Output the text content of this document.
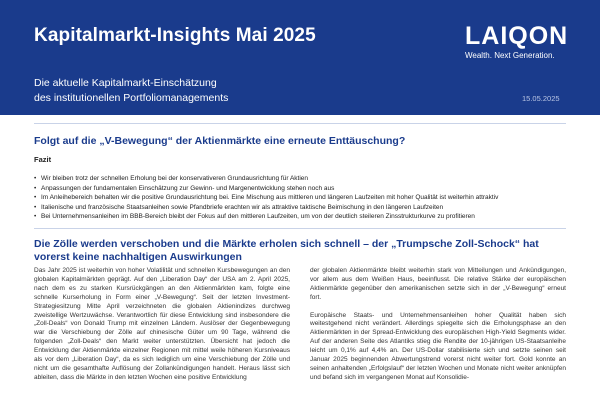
Kapitalmarkt-Insights Mai 2025
Die aktuelle Kapitalmarkt-Einschätzung
des institutionellen Portfoliomanagements
LAIQON
Wealth. Next Generation.
15.05.2025
Folgt auf die „V-Bewegung“ der Aktienmärkte eine erneute Enttäuschung?
Fazit
• Wir bleiben trotz der schnellen Erholung bei der konservativeren Grundausrichtung für Aktien
• Anpassungen der fundamentalen Einschätzung zur Gewinn- und Margenentwicklung stehen noch aus
• Im Anleihebereich behalten wir die positive Grundausrichtung bei. Eine Mischung aus mittleren und längeren Laufzeiten mit hoher Qualität ist weiterhin attraktiv
• Italienische und französische Staatsanleihen sowie Pfandbriefe erachten wir als attraktive taktische Beimischung in den längeren Laufzeiten
• Bei Unternehmensanleihen im BBB-Bereich bleibt der Fokus auf den mittleren Laufzeiten, um von der deutlich steileren Zinsstrukturkurve zu profitieren
Die Zölle werden verschoben und die Märkte erholen sich schnell – der „Trumpsche Zoll-Schock“ hat vorerst keine nachhaltigen Auswirkungen

Das Jahr 2025 ist weiterhin von hoher Volatilität und schnellen Kursbewegungen an den globalen Kapitalmärkten geprägt. Auf den „Liberation Day“ der USA am 2. April 2025, nach dem es zu starken Kursrückgängen an den Aktienmärkten kam, folgte eine schnelle Kurserholung in Form einer „V-Bewegung“. Seit der letzten Investment-Strategiesitzung Mitte April verzeichneten die globalen Aktienindizes durchweg zweistellige Wertzuwächse. Verantwortlich für diese Entwicklung sind insbesondere die „Zoll-Deals“ von Donald Trump mit einzelnen Ländern. Auslöser der Gegenbewegung war die Verschiebung der Zölle auf chinesische Güter um 90 Tage, während die folgenden „Zoll-Deals“ den Markt weiter unterstützten. Übersicht hat jedoch die Entwicklung der Aktienmärkte einzelner Regionen mit mittel weile höheren Kursniveaus als vor dem „Liberation Day“, da es sich lediglich um eine Verschiebung der Zölle und nicht um die gesamthafte Auflösung der Zollankündigungen handelt. Heraus lässt sich ableiten, dass die Märkte in den letzten Wochen eine positive Entwicklung

der globalen Aktienmärkte bleibt weiterhin stark von Mitteilungen und Ankündigungen, vor allem aus dem Weißen Haus, beeinflusst. Die relative Stärke der europäischen Aktienmärkte gegenüber den amerikanischen setzte sich in der „V-Bewegung“ erneut fort.

Europäische Staats- und Unternehmensanleihen hoher Qualität haben sich weitestgehend nicht verändert. Allerdings spiegelte sich die Erholungsphase an den Aktienmärkten in der Spread-Entwicklung des europäischen High-Yield Segments wider. Auf der anderen Seite des Atlantiks stieg die Rendite der 10-jährigen US-Staatsanleihe leicht um 0,1% auf 4,4% an. Der US-Dollar stabilisierte sich und setzte seinen seit Januar 2025 beginnenden Abwertungstrend vorerst nicht weiter fort. Gold konnte an seinen anhaltenden „Erfolgslauf“ der letzten Wochen und Monate nicht weiter anknüpfen und befand sich im vergangenen Monat auf Konsolidie-
